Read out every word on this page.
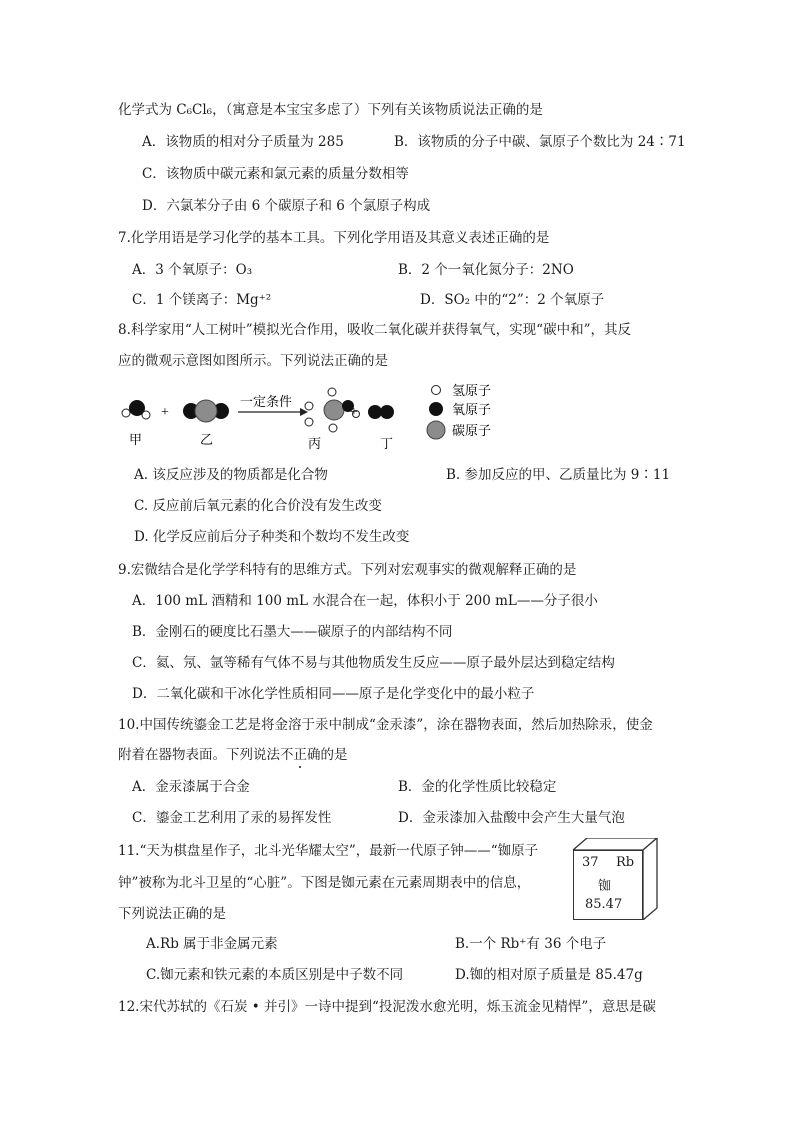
化学式为 C₆Cl₆，（寓意是本宝宝多虑了）下列有关该物质说法正确的是
A．该物质的相对分子质量为 285	B．该物质的分子中碳、氯原子个数比为 24∶71
C．该物质中碳元素和氯元素的质量分数相等
D．六氯苯分子由 6 个碳原子和 6 个氯原子构成
7.化学用语是学习化学的基本工具。下列化学用语及其意义表述正确的是
A．3 个氧原子：O₃	B．2 个一氧化氮分子：2NO
C．1 个镁离子：Mg⁺²	D．SO₂ 中的“2”：2 个氧原子
8.科学家用“人工树叶”模拟光合作用，吸收二氧化碳并获得氧气，实现“碳中和”，其反
应的微观示意图如图所示。下列说法正确的是
甲
+
乙
一定条件
丙
+
丁
氢原子
氧原子
碳原子
A. 该反应涉及的物质都是化合物	B. 参加反应的甲、乙质量比为 9∶11
C. 反应前后氧元素的化合价没有发生改变
D. 化学反应前后分子种类和个数均不发生改变
9.宏微结合是化学学科特有的思维方式。下列对宏观事实的微观解释正确的是
A．100 mL 酒精和 100 mL 水混合在一起，体积小于 200 mL——分子很小
B．金刚石的硬度比石墨大——碳原子的内部结构不同
C．氦、氖、氩等稀有气体不易与其他物质发生反应——原子最外层达到稳定结构
D．二氧化碳和干冰化学性质相同——原子是化学变化中的最小粒子
10.中国传统鎏金工艺是将金溶于汞中制成“金汞漆”，涂在器物表面，然后加热除汞，使金
附着在器物表面。下列说法不正确的是
A．金汞漆属于合金	B．金的化学性质比较稳定
C．鎏金工艺利用了汞的易挥发性	D．金汞漆加入盐酸中会产生大量气泡
11.“天为棋盘星作子，北斗光华耀太空”，最新一代原子钟——“铷原子
钟”被称为北斗卫星的“心脏”。下图是铷元素在元素周期表中的信息，
下列说法正确的是
37 Rb
铷
85.47
A.Rb 属于非金属元素	B.一个 Rb⁺有 36 个电子
C.铷元素和铁元素的本质区别是中子数不同	D.铷的相对原子质量是 85.47g
12.宋代苏轼的《石炭 • 并引》一诗中提到“投泥泼水愈光明，烁玉流金见精悍”，意思是碳
